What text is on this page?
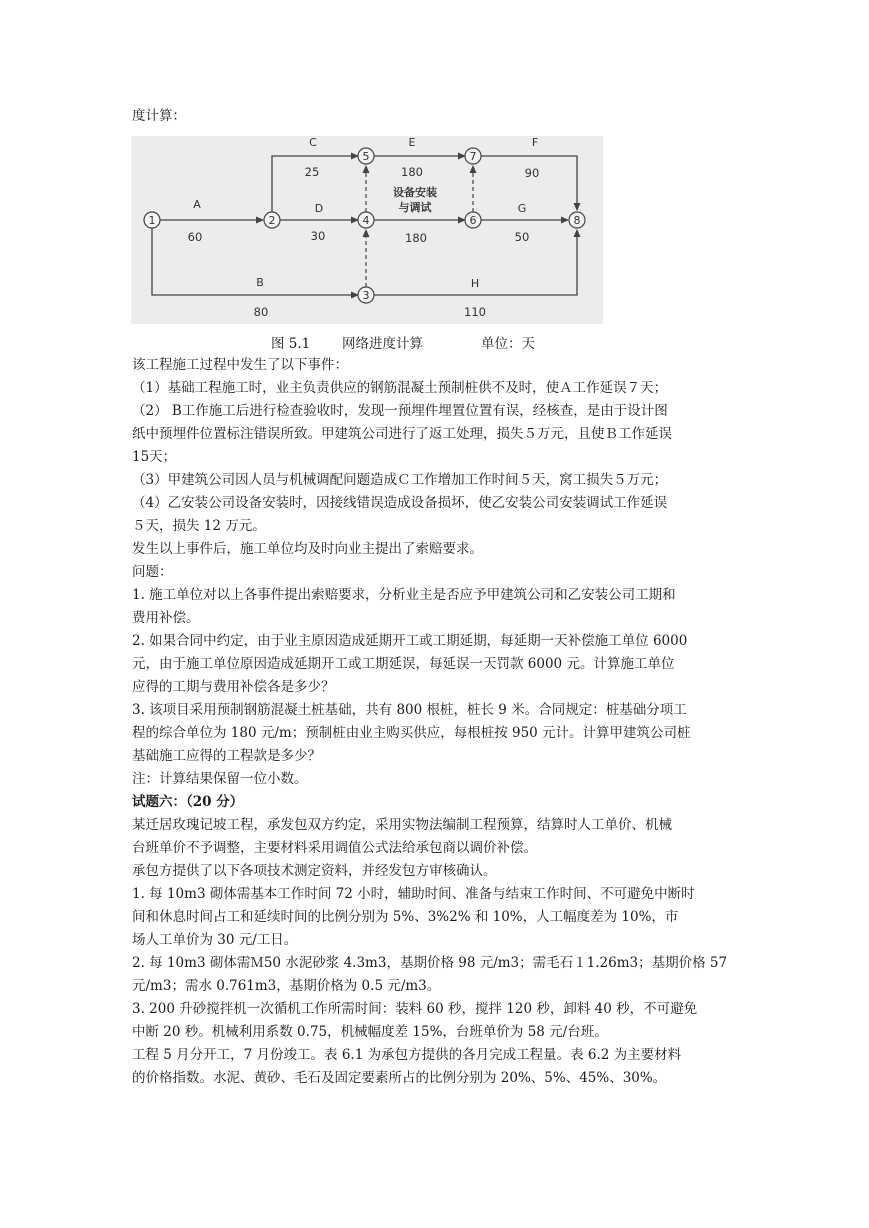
度计算：
1	2
3
4
5
6
7
8
A
60
C
25
D
30
E
180
设备安装
与调试
180
F
90
G
50
B
80
H
110
图 5.1 网络进度计算	单位：天
该工程施工过程中发生了以下事件：
（1）基础工程施工时，业主负责供应的钢筋混凝土预制桩供不及时，使Ａ工作延误７天；
（2） B工作施工后进行检查验收时，发现一预埋件埋置位置有误，经核查，是由于设计图
纸中预埋件位置标注错误所致。甲建筑公司进行了返工处理，损失５万元，且使Ｂ工作延误
15天；
（3）甲建筑公司因人员与机械调配问题造成Ｃ工作增加工作时间５天，窝工损失５万元；
（4）乙安装公司设备安装时，因接线错误造成设备损坏，使乙安装公司安装调试工作延误
５天，损失 12 万元。
发生以上事件后，施工单位均及时向业主提出了索赔要求。
问题：
1. 施工单位对以上各事件提出索赔要求，分析业主是否应予甲建筑公司和乙安装公司工期和
费用补偿。
2. 如果合同中约定，由于业主原因造成延期开工或工期延期，每延期一天补偿施工单位 6000
元，由于施工单位原因造成延期开工或工期延误，每延误一天罚款 6000 元。计算施工单位
应得的工期与费用补偿各是多少？
3. 该项目采用预制钢筋混凝土桩基础，共有 800 根桩，桩长 9 米。合同规定：桩基础分项工
程的综合单位为 180 元/m；预制桩由业主购买供应，每根桩按 950 元计。计算甲建筑公司桩
基础施工应得的工程款是多少？
注：计算结果保留一位小数。
试题六：（20 分）
某迁居玫瑰记坡工程，承发包双方约定，采用实物法编制工程预算，结算时人工单价、机械
台班单价不予调整，主要材料采用调值公式法给承包商以调价补偿。
承包方提供了以下各项技术测定资料，并经发包方审核确认。
1. 每 10m3 砌体需基本工作时间 72 小时，辅助时间、准备与结束工作时间、不可避免中断时
间和休息时间占工和延续时间的比例分别为 5%、3%2% 和 10%，人工幅度差为 10%，市
场人工单价为 30 元/工日。
2. 每 10m3 砌体需Ｍ50 水泥砂浆 4.3m3，基期价格 98 元/m3；需毛石１1.26m3；基期价格 57
元/m3；需水 0.761m3，基期价格为 0.5 元/m3。
3. 200 升砂搅拌机一次循机工作所需时间：装料 60 秒，搅拌 120 秒，卸料 40 秒，不可避免
中断 20 秒。机械利用系数 0.75，机械幅度差 15%，台班单价为 58 元/台班。
工程 5 月分开工，7 月份竣工。表 6.1 为承包方提供的各月完成工程量。表 6.2 为主要材料
的价格指数。水泥、黄砂、毛石及固定要素所占的比例分别为 20%、5%、45%、30%。
